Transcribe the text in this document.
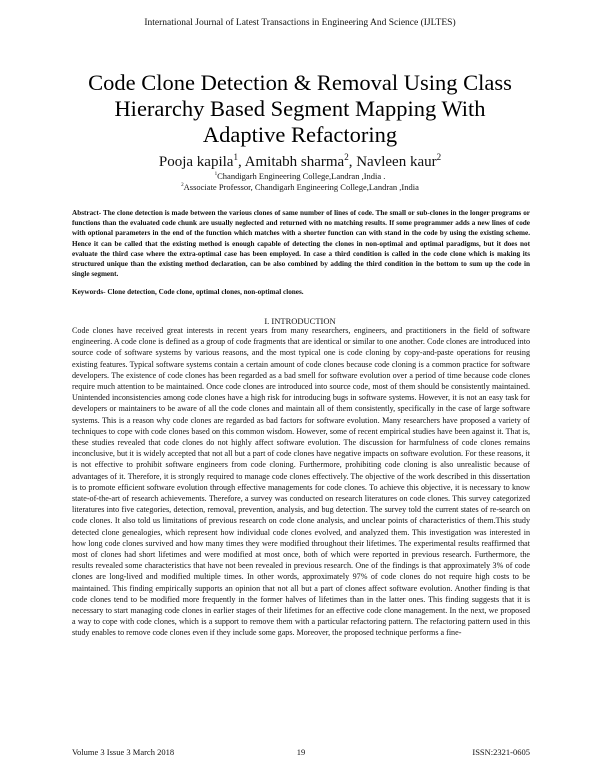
International Journal of Latest Transactions in Engineering And Science (IJLTES)
Code Clone Detection & Removal Using Class
Hierarchy Based Segment Mapping With
Adaptive Refactoring
Pooja kapila$^1$, Amitabh sharma$^2$, Navleen kaur$^2$
$^1$Chandigarh Engineering College,Landran ,India .
$^2$Associate Professor, Chandigarh Engineering College,Landran ,India
Abstract- The clone detection is made between the various clones of same number of lines of code. The small or sub-clones in the longer programs or functions than the evaluated code chunk are usually neglected and returned with no matching results. If some programmer adds a new lines of code with optional parameters in the end of the function which matches with a shorter function can with stand in the code by using the existing scheme. Hence it can be called that the existing method is enough capable of detecting the clones in non-optimal and optimal paradigms, but it does not evaluate the third case where the extra-optimal case has been employed. In case a third condition is called in the code clone which is making its structured unique than the existing method declaration, can be also combined by adding the third condition in the bottom to sum up the code in single segment.
Keywords- Clone detection, Code clone, optimal clones, non-optimal clones.
I. INTRODUCTION
Code clones have received great interests in recent years from many researchers, engineers, and practitioners in the field of software engineering. A code clone is defined as a group of code fragments that are identical or similar to one another. Code clones are introduced into source code of software systems by various reasons, and the most typical one is code cloning by copy-and-paste operations for reusing existing features. Typical software systems contain a certain amount of code clones because code cloning is a common practice for software developers. The existence of code clones has been regarded as a bad smell for software evolution over a period of time because code clones require much attention to be maintained. Once code clones are introduced into source code, most of them should be consistently maintained. Unintended inconsistencies among code clones have a high risk for introducing bugs in software systems. However, it is not an easy task for developers or maintainers to be aware of all the code clones and maintain all of them consistently, specifically in the case of large software systems. This is a reason why code clones are regarded as bad factors for software evolution. Many researchers have proposed a variety of techniques to cope with code clones based on this common wisdom. However, some of recent empirical studies have been against it. That is, these studies revealed that code clones do not highly affect software evolution. The discussion for harmfulness of code clones remains inconclusive, but it is widely accepted that not all but a part of code clones have negative impacts on software evolution. For these reasons, it is not effective to prohibit software engineers from code cloning. Furthermore, prohibiting code cloning is also unrealistic because of advantages of it. Therefore, it is strongly required to manage code clones effectively. The objective of the work described in this dissertation is to promote efficient software evolution through effective managements for code clones. To achieve this objective, it is necessary to know state-of-the-art of research achievements. Therefore, a survey was conducted on research literatures on code clones. This survey categorized literatures into five categories, detection, removal, prevention, analysis, and bug detection. The survey told the current states of re-search on code clones. It also told us limitations of previous research on code clone analysis, and unclear points of characteristics of them.This study detected clone genealogies, which represent how individual code clones evolved, and analyzed them. This investigation was interested in how long code clones survived and how many times they were modified throughout their lifetimes. The experimental results reaffirmed that most of clones had short lifetimes and were modified at most once, both of which were reported in previous research. Furthermore, the results revealed some characteristics that have not been revealed in previous research. One of the findings is that approximately 3% of code clones are long-lived and modified multiple times. In other words, approximately 97% of code clones do not require high costs to be maintained. This finding empirically supports an opinion that not all but a part of clones affect software evolution. Another finding is that code clones tend to be modified more frequently in the former halves of lifetimes than in the latter ones. This finding suggests that it is necessary to start managing code clones in earlier stages of their lifetimes for an effective code clone management. In the next, we proposed a way to cope with code clones, which is a support to remove them with a particular refactoring pattern. The refactoring pattern used in this study enables to remove code clones even if they include some gaps. Moreover, the proposed technique performs a fine-
Volume 3 Issue 3 March 2018	19	ISSN:2321-0605
